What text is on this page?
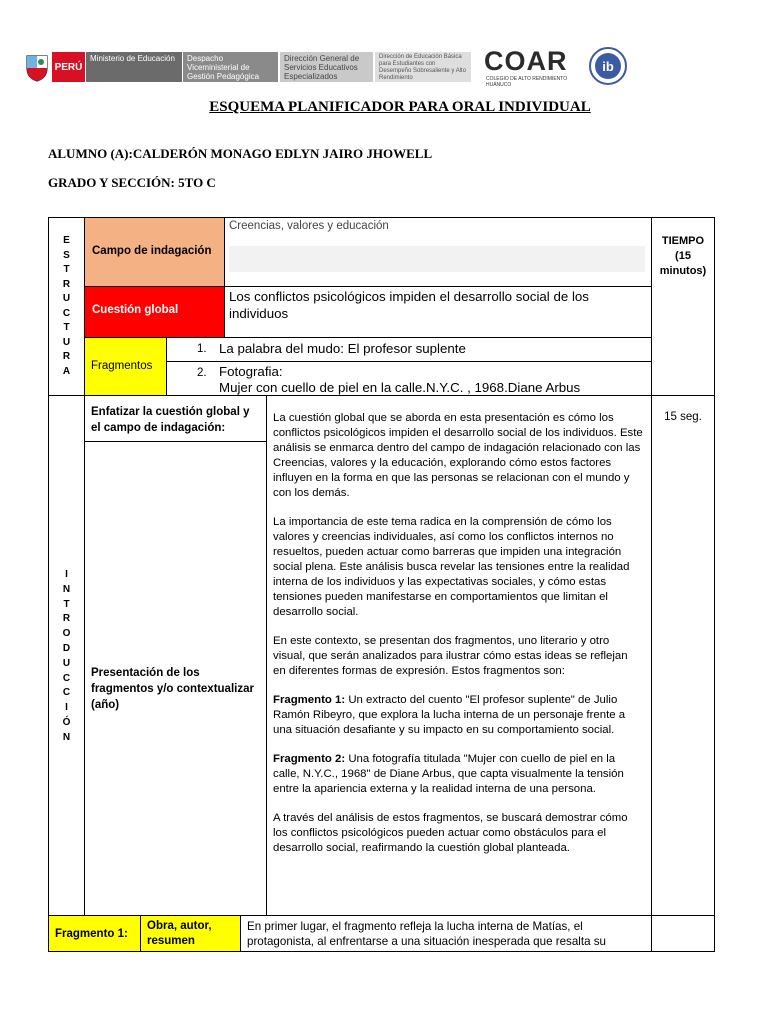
PERÚ
Ministerio de Educación	Despacho Viceministerial de Gestión Pedagógica
Dirección General de Servicios Educativos Especializados
Dirección de Educación Básica para Estudiantes con Desempeño Sobresaliente y Alto Rendimiento
COAR
COLEGIO DE ALTO RENDIMIENTO HUÁNUCO
ib
ESQUEMA PLANIFICADOR PARA ORAL INDIVIDUAL
ALUMNO (A):CALDERÓN MONAGO EDLYN JAIRO JHOWELL
GRADO Y SECCIÓN: 5TO C
E
S
T
R
U
C
T
U
R
A
Campo de indagación
Creencias, valores y educación
TIEMPO (15 minutos)
Cuestión global
Los conflictos psicológicos impiden el desarrollo social de los individuos
Fragmentos
1. La palabra del mudo: El profesor suplente
2. Fotografia:
Mujer con cuello de piel en la calle.N.Y.C. , 1968.Diane Arbus
I
N
T
R
O
D
U
C
C
I
Ó
N
Enfatizar la cuestión global y el campo de indagación:
Presentación de los fragmentos y/o contextualizar (año)

La cuestión global que se aborda en esta presentación es cómo los conflictos psicológicos impiden el desarrollo social de los individuos. Este análisis se enmarca dentro del campo de indagación relacionado con las Creencias, valores y la educación, explorando cómo estos factores influyen en la forma en que las personas se relacionan con el mundo y con los demás.

La importancia de este tema radica en la comprensión de cómo los valores y creencias individuales, así como los conflictos internos no resueltos, pueden actuar como barreras que impiden una integración social plena. Este análisis busca revelar las tensiones entre la realidad interna de los individuos y las expectativas sociales, y cómo estas tensiones pueden manifestarse en comportamientos que limitan el desarrollo social.

En este contexto, se presentan dos fragmentos, uno literario y otro visual, que serán analizados para ilustrar cómo estas ideas se reflejan en diferentes formas de expresión. Estos fragmentos son:

Fragmento 1: Un extracto del cuento "El profesor suplente" de Julio Ramón Ribeyro, que explora la lucha interna de un personaje frente a una situación desafiante y su impacto en su comportamiento social.

Fragmento 2: Una fotografía titulada "Mujer con cuello de piel en la calle, N.Y.C., 1968" de Diane Arbus, que capta visualmente la tensión entre la apariencia externa y la realidad interna de una persona.

A través del análisis de estos fragmentos, se buscará demostrar cómo los conflictos psicológicos pueden actuar como obstáculos para el desarrollo social, reafirmando la cuestión global planteada.

15 seg.
Fragmento 1:
Obra, autor, resumen
En primer lugar, el fragmento refleja la lucha interna de Matías, el protagonista, al enfrentarse a una situación inesperada que resalta su
